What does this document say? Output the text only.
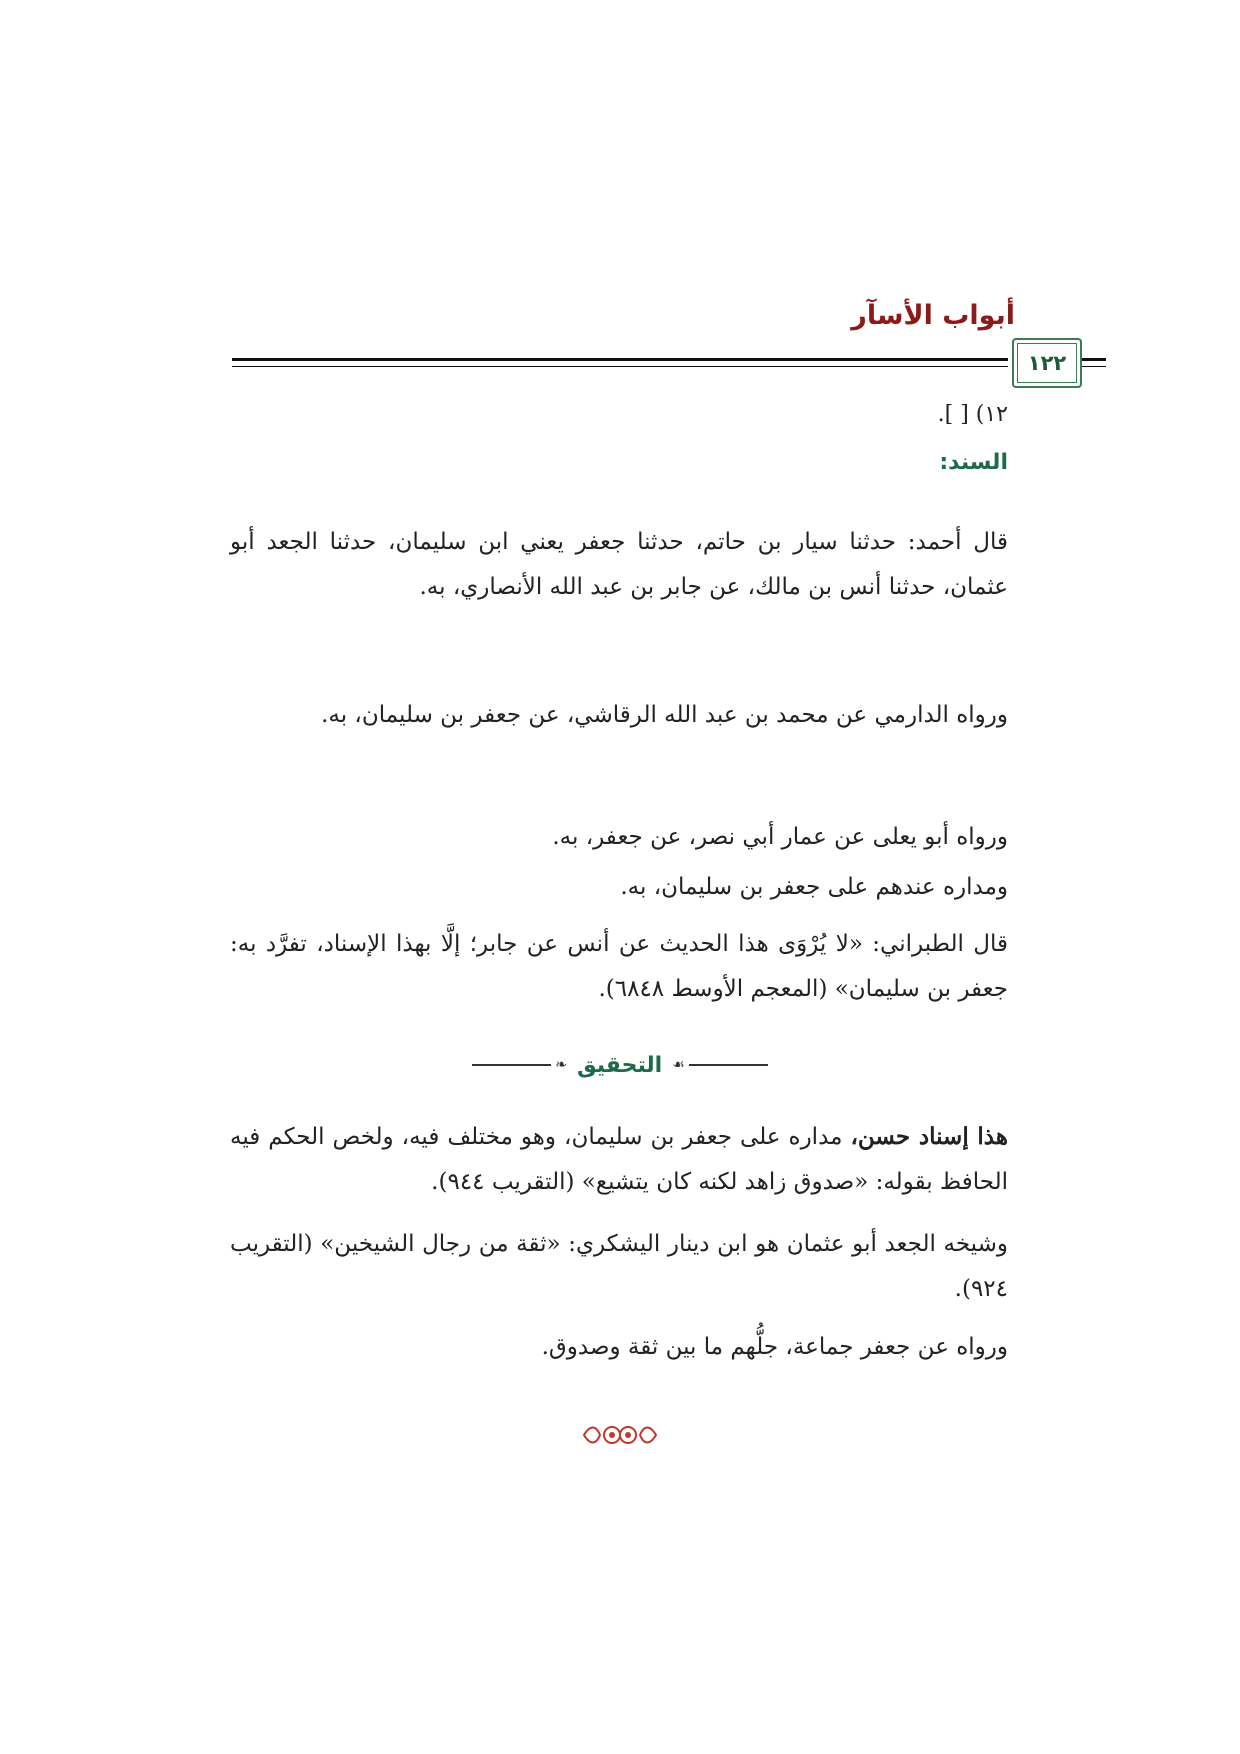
أبواب الأسآر
١٢٢
١٢) [ ].
السند:
قال أحمد: حدثنا سيار بن حاتم، حدثنا جعفر يعني ابن سليمان، حدثنا الجعد أبو عثمان، حدثنا أنس بن مالك، عن جابر بن عبد الله الأنصاري، به.
ورواه الدارمي عن محمد بن عبد الله الرقاشي، عن جعفر بن سليمان، به.
ورواه أبو يعلى عن عمار أبي نصر، عن جعفر، به.
ومداره عندهم على جعفر بن سليمان، به.
قال الطبراني: «لا يُرْوَى هذا الحديث عن أنس عن جابر؛ إلَّا بهذا الإسناد، تفرَّد به: جعفر بن سليمان» (المعجم الأوسط ٦٨٤٨).
❧ التحقيق ☙
هذا إسناد حسن، مداره على جعفر بن سليمان، وهو مختلف فيه، ولخص الحكم فيه الحافظ بقوله: «صدوق زاهد لكنه كان يتشيع» (التقريب ٩٤٤).
وشيخه الجعد أبو عثمان هو ابن دينار اليشكري: «ثقة من رجال الشيخين» (التقريب ٩٢٤).
ورواه عن جعفر جماعة، جلُّهم ما بين ثقة وصدوق.
